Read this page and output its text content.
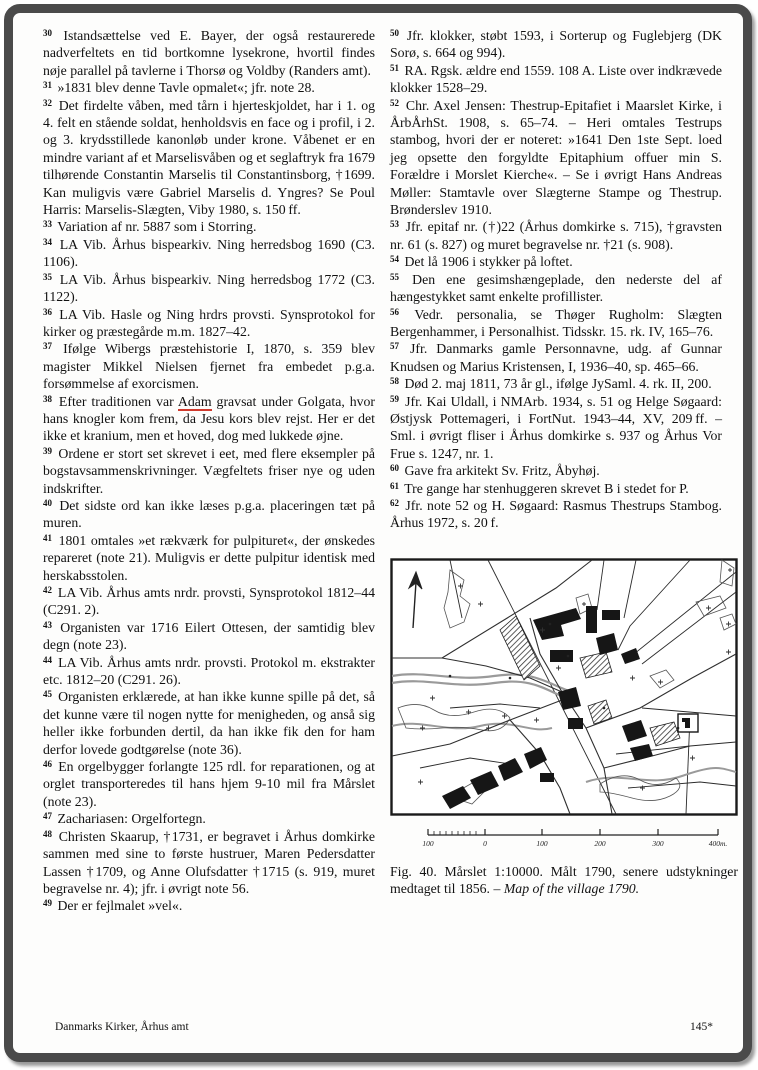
$^{30}$ Istandsættelse ved E. Bayer, der også restaurerede nadverfeltets en tid bortkomne lysekrone, hvortil findes nøje parallel på tavlerne i Thorsø og Voldby (Randers amt).

$^{31}$ »1831 blev denne Tavle opmalet«; jfr. note 28.

$^{32}$ Det firdelte våben, med tårn i hjerteskjoldet, har i 1. og 4. felt en stående soldat, henholdsvis en face og i profil, i 2. og 3. krydsstillede kanonløb under krone. Våbenet er en mindre variant af et Marselisvåben og et seglaftryk fra 1679 tilhørende Constantin Marselis til Constantinsborg, †1699. Kan muligvis være Gabriel Marselis d. Yngres? Se Poul Harris: Marselis-Slægten, Viby 1980, s. 150 ff.

$^{33}$ Variation af nr. 5887 som i Storring.

$^{34}$ LA Vib. Århus bispearkiv. Ning herredsbog 1690 (C3. 1106).

$^{35}$ LA Vib. Århus bispearkiv. Ning herredsbog 1772 (C3. 1122).

$^{36}$ LA Vib. Hasle og Ning hrdrs provsti. Synsprotokol for kirker og præstegårde m.m. 1827–42.

$^{37}$ Ifølge Wibergs præstehistorie I, 1870, s. 359 blev magister Mikkel Nielsen fjernet fra embedet p.g.a. forsømmelse af exorcismen.

$^{38}$ Efter traditionen var Adam gravsat under Golgata, hvor hans knogler kom frem, da Jesu kors blev rejst. Her er det ikke et kranium, men et hoved, dog med lukkede øjne.

$^{39}$ Ordene er stort set skrevet i eet, med flere eksempler på bogstavsammenskrivninger. Vægfeltets friser nye og uden indskrifter.

$^{40}$ Det sidste ord kan ikke læses p.g.a. placeringen tæt på muren.

$^{41}$ 1801 omtales »et rækværk for pulpituret«, der ønskedes repareret (note 21). Muligvis er dette pulpitur identisk med herskabsstolen.

$^{42}$ LA Vib. Århus amts nrdr. provsti, Synsprotokol 1812–44 (C291. 2).

$^{43}$ Organisten var 1716 Eilert Ottesen, der samtidig blev degn (note 23).

$^{44}$ LA Vib. Århus amts nrdr. provsti. Protokol m. ekstrakter etc. 1812–20 (C291. 26).

$^{45}$ Organisten erklærede, at han ikke kunne spille på det, så det kunne være til nogen nytte for menigheden, og anså sig heller ikke forbunden dertil, da han ikke fik den for ham derfor lovede godtgørelse (note 36).

$^{46}$ En orgelbygger forlangte 125 rdl. for reparationen, og at orglet transporteredes til hans hjem 9-10 mil fra Mårslet (note 23).

$^{47}$ Zachariasen: Orgelfortegn.

$^{48}$ Christen Skaarup, †1731, er begravet i Århus domkirke sammen med sine to første hustruer, Maren Pedersdatter Lassen †1709, og Anne Olufsdatter †1715 (s. 919, muret begravelse nr. 4); jfr. i øvrigt note 56.

$^{49}$ Der er fejlmalet »vel«.

$^{50}$ Jfr. klokker, støbt 1593, i Sorterup og Fuglebjerg (DK Sorø, s. 664 og 994).

$^{51}$ RA. Rgsk. ældre end 1559. 108 A. Liste over indkrævede klokker 1528–29.

$^{52}$ Chr. Axel Jensen: Thestrup-Epitafiet i Maarslet Kirke, i ÅrbÅrhSt. 1908, s. 65–74. – Heri omtales Testrups stambog, hvori der er noteret: »1641 Den 1ste Sept. loed jeg opsette den forgyldte Epitaphium offuer min S. Forældre i Morslet Kierche«. – Se i øvrigt Hans Andreas Møller: Stamtavle over Slægterne Stampe og Thestrup. Brønderslev 1910.

$^{53}$ Jfr. epitaf nr. (†)22 (Århus domkirke s. 715), †gravsten nr. 61 (s. 827) og muret begravelse nr. †21 (s. 908).

$^{54}$ Det lå 1906 i stykker på loftet.

$^{55}$ Den ene gesimshængeplade, den nederste del af hængestykket samt enkelte profillister.

$^{56}$ Vedr. personalia, se Thøger Rugholm: Slægten Bergenhammer, i Personalhist. Tidsskr. 15. rk. IV, 165–76.

$^{57}$ Jfr. Danmarks gamle Personnavne, udg. af Gunnar Knudsen og Marius Kristensen, I, 1936–40, sp. 465–66.

$^{58}$ Død 2. maj 1811, 73 år gl., ifølge JySaml. 4. rk. II, 200.

$^{59}$ Jfr. Kai Uldall, i NMArb. 1934, s. 51 og Helge Søgaard: Østjysk Pottemageri, i FortNut. 1943–44, XV, 209 ff. – Sml. i øvrigt fliser i Århus domkirke s. 937 og Århus Vor Frue s. 1247, nr. 1.

$^{60}$ Gave fra arkitekt Sv. Fritz, Åbyhøj.

$^{61}$ Tre gange har stenhuggeren skrevet B i stedet for P.

$^{62}$ Jfr. note 52 og H. Søgaard: Rasmus Thestrups Stambog. Århus 1972, s. 20 f.

100	0	100	200	300	400m.

Fig. 40. Mårslet 1:10000. Målt 1790, senere udstykninger medtaget til 1856. – Map of the village 1790.

Danmarks Kirker, Århus amt	145*
